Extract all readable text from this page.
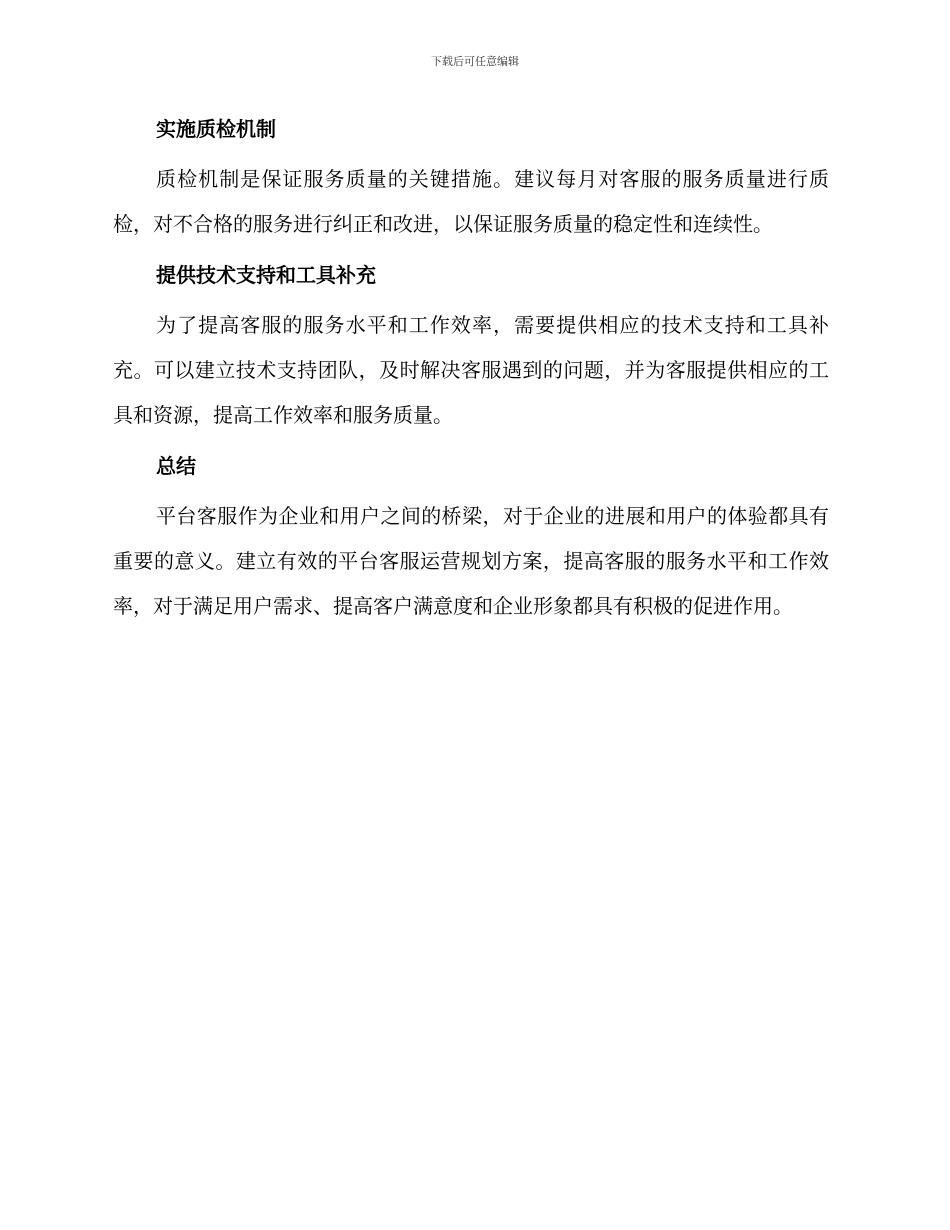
下载后可任意编辑
实施质检机制

质检机制是保证服务质量的关键措施。建议每月对客服的服务质量进行质检，对不合格的服务进行纠正和改进，以保证服务质量的稳定性和连续性。

提供技术支持和工具补充

为了提高客服的服务水平和工作效率，需要提供相应的技术支持和工具补充。可以建立技术支持团队，及时解决客服遇到的问题，并为客服提供相应的工具和资源，提高工作效率和服务质量。

总结

平台客服作为企业和用户之间的桥梁，对于企业的进展和用户的体验都具有重要的意义。建立有效的平台客服运营规划方案，提高客服的服务水平和工作效率，对于满足用户需求、提高客户满意度和企业形象都具有积极的促进作用。
